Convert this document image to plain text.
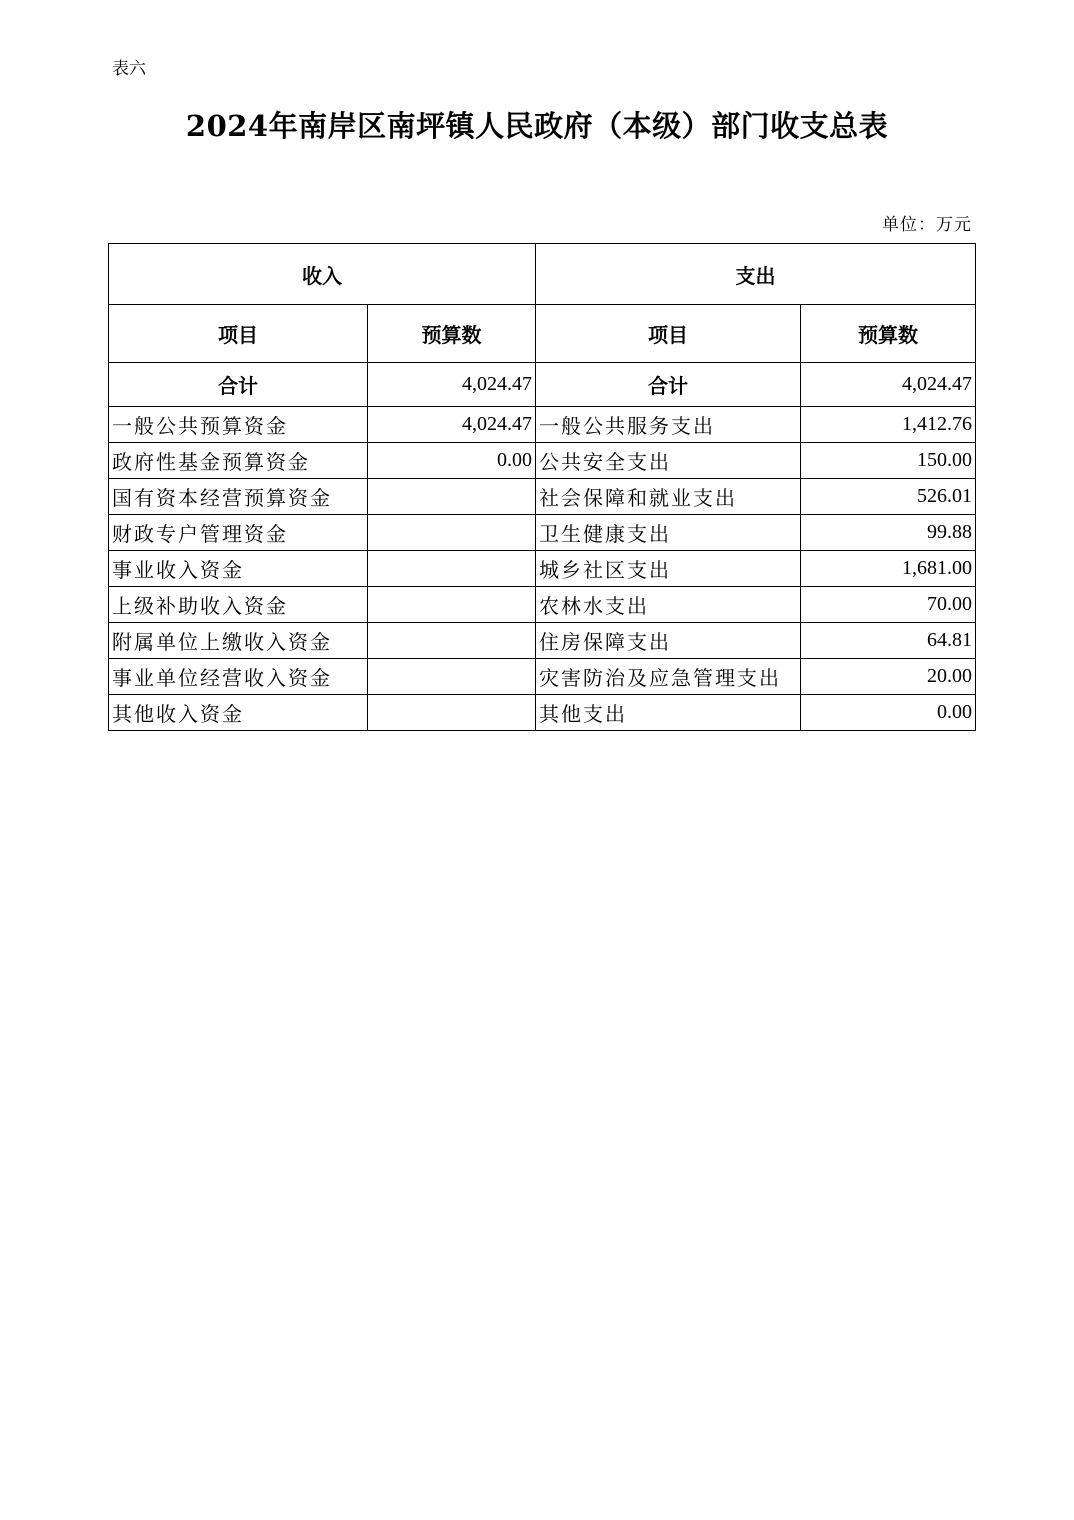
表六
2024年南岸区南坪镇人民政府（本级）部门收支总表
单位：万元
收入		支出	
项目	预算数	项目	预算数
合计	4,024.47	合计	4,024.47
一般公共预算资金	4,024.47	一般公共服务支出	1,412.76
政府性基金预算资金	0.00	公共安全支出	150.00
国有资本经营预算资金		社会保障和就业支出	526.01
财政专户管理资金		卫生健康支出	99.88
事业收入资金		城乡社区支出	1,681.00
上级补助收入资金		农林水支出	70.00
附属单位上缴收入资金		住房保障支出	64.81
事业单位经营收入资金		灾害防治及应急管理支出	20.00
其他收入资金		其他支出	0.00
